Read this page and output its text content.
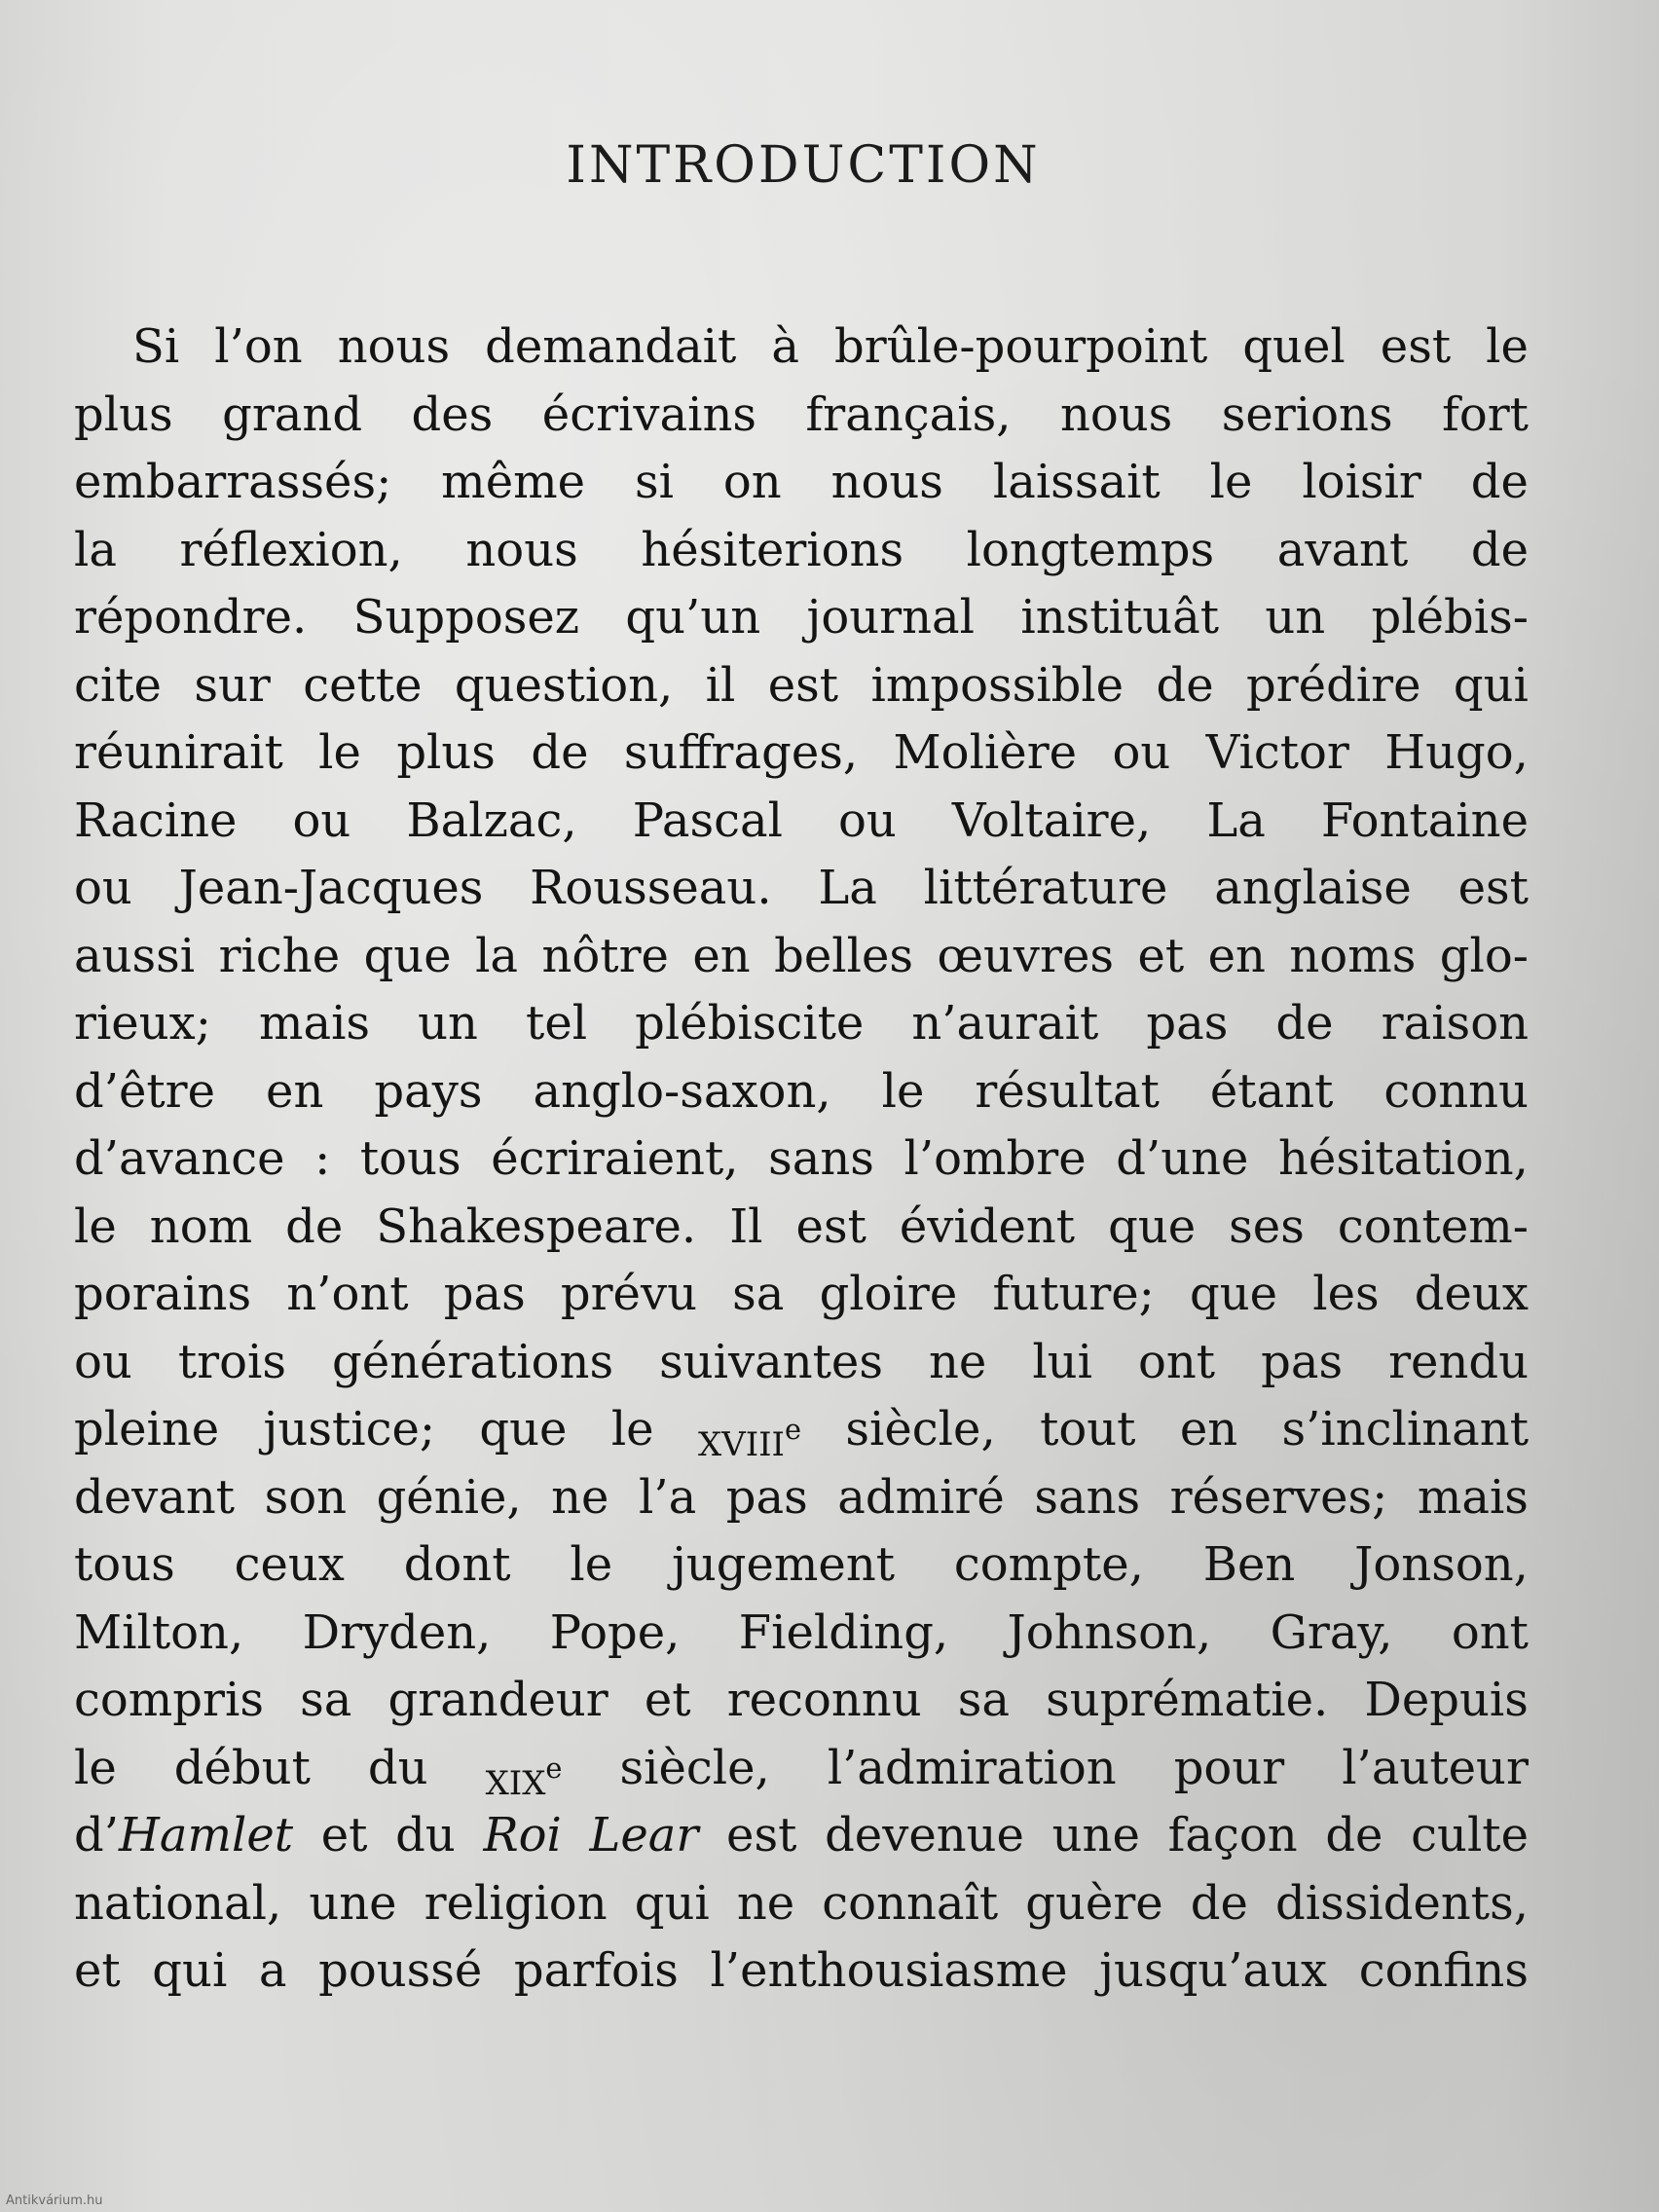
INTRODUCTION
Si l’on nous demandait à brûle-pourpoint quel est le
plus grand des écrivains français, nous serions fort
embarrassés; même si on nous laissait le loisir de
la réflexion, nous hésiterions longtemps avant de
répondre. Supposez qu’un journal instituât un plébis-
cite sur cette question, il est impossible de prédire qui
réunirait le plus de suffrages, Molière ou Victor Hugo,
Racine ou Balzac, Pascal ou Voltaire, La Fontaine
ou Jean-Jacques Rousseau. La littérature anglaise est
aussi riche que la nôtre en belles œuvres et en noms glo-
rieux; mais un tel plébiscite n’aurait pas de raison
d’être en pays anglo-saxon, le résultat étant connu
d’avance : tous écriraient, sans l’ombre d’une hésitation,
le nom de Shakespeare. Il est évident que ses contem-
porains n’ont pas prévu sa gloire future; que les deux
ou trois générations suivantes ne lui ont pas rendu
pleine justice; que le xviii$^e$ siècle, tout en s’inclinant
devant son génie, ne l’a pas admiré sans réserves; mais
tous ceux dont le jugement compte, Ben Jonson,
Milton, Dryden, Pope, Fielding, Johnson, Gray, ont
compris sa grandeur et reconnu sa suprématie. Depuis
le début du xix$^e$ siècle, l’admiration pour l’auteur
d’Hamlet et du Roi Lear est devenue une façon de culte
national, une religion qui ne connaît guère de dissidents,
et qui a poussé parfois l’enthousiasme jusqu’aux confins
Antikvárium.hu
